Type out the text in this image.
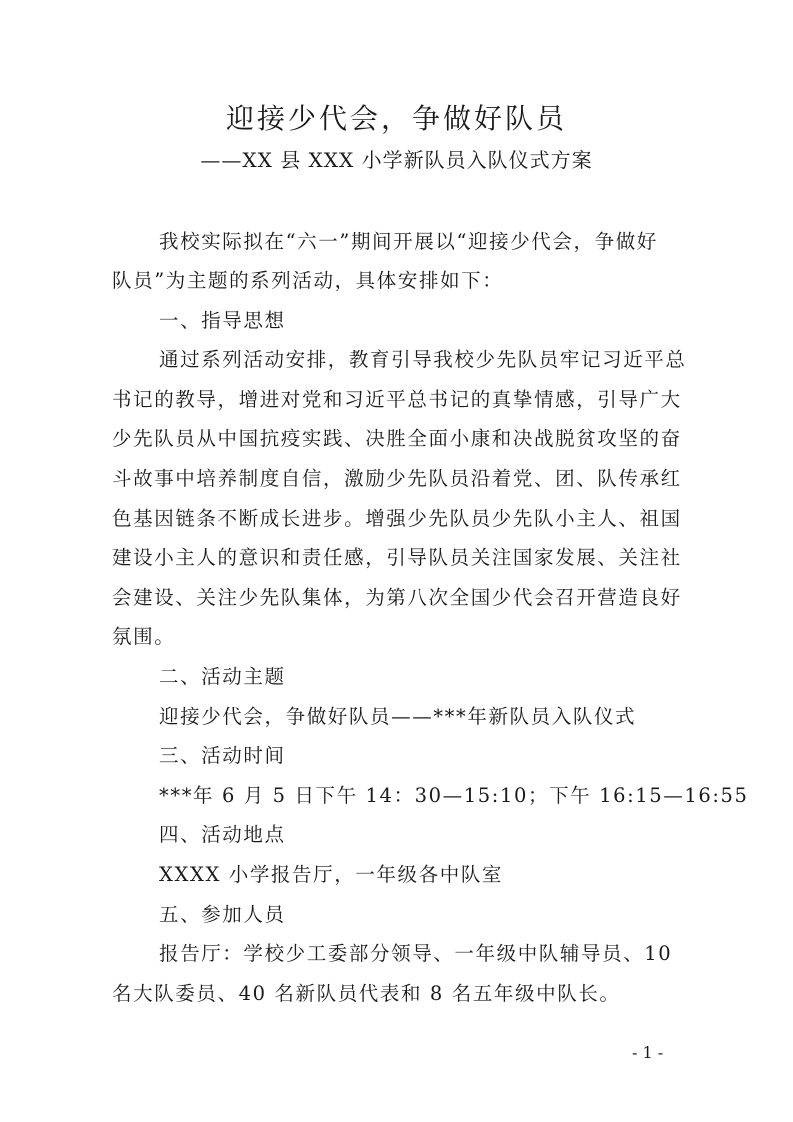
迎接少代会，争做好队员
——XX 县 XXX 小学新队员入队仪式方案
我校实际拟在“六一”期间开展以“迎接少代会，争做好
队员”为主题的系列活动，具体安排如下：
一、指导思想
通过系列活动安排，教育引导我校少先队员牢记习近平总
书记的教导，增进对党和习近平总书记的真挚情感，引导广大
少先队员从中国抗疫实践、决胜全面小康和决战脱贫攻坚的奋
斗故事中培养制度自信，激励少先队员沿着党、团、队传承红
色基因链条不断成长进步。增强少先队员少先队小主人、祖国
建设小主人的意识和责任感，引导队员关注国家发展、关注社
会建设、关注少先队集体，为第八次全国少代会召开营造良好
氛围。
二、活动主题
迎接少代会，争做好队员——***年新队员入队仪式
三、活动时间
***年 6 月 5 日下午 14：30—15:10；下午 16:15—16:55
四、活动地点
XXXX 小学报告厅，一年级各中队室
五、参加人员
报告厅：学校少工委部分领导、一年级中队辅导员、10
名大队委员、40 名新队员代表和 8 名五年级中队长。
- 1 -
